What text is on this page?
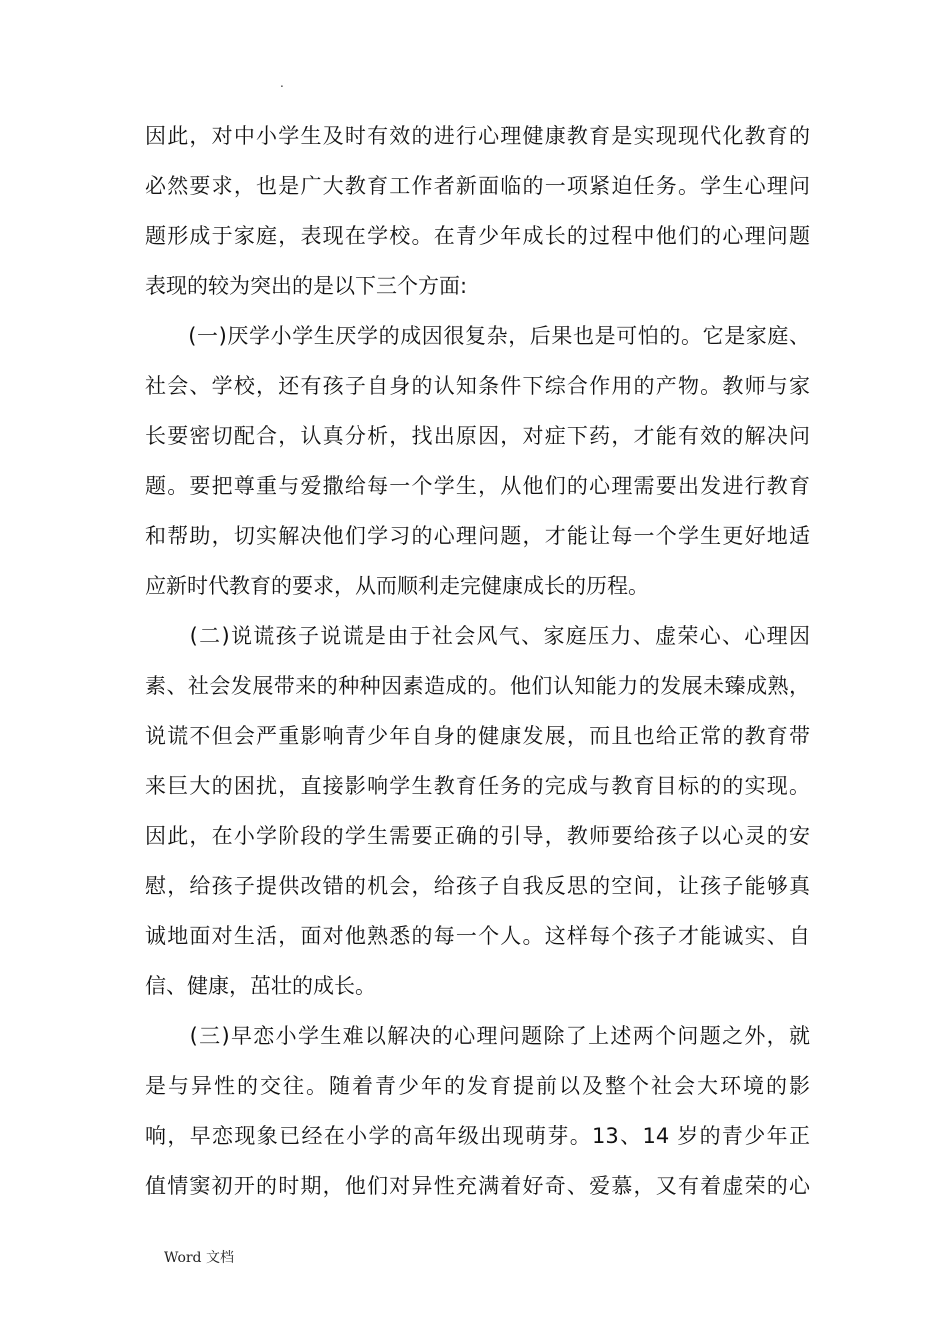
.
因此，对中小学生及时有效的进行心理健康教育是实现现代化教育的
必然要求，也是广大教育工作者新面临的一项紧迫任务。学生心理问
题形成于家庭，表现在学校。在青少年成长的过程中他们的心理问题
表现的较为突出的是以下三个方面:
　　(一)厌学小学生厌学的成因很复杂，后果也是可怕的。它是家庭、
社会、学校，还有孩子自身的认知条件下综合作用的产物。教师与家
长要密切配合，认真分析，找出原因，对症下药，才能有效的解决问
题。要把尊重与爱撒给每一个学生，从他们的心理需要出发进行教育
和帮助，切实解决他们学习的心理问题，才能让每一个学生更好地适
应新时代教育的要求，从而顺利走完健康成长的历程。
　　(二)说谎孩子说谎是由于社会风气、家庭压力、虚荣心、心理因
素、社会发展带来的种种因素造成的。他们认知能力的发展未臻成熟，
说谎不但会严重影响青少年自身的健康发展，而且也给正常的教育带
来巨大的困扰，直接影响学生教育任务的完成与教育目标的的实现。
因此，在小学阶段的学生需要正确的引导，教师要给孩子以心灵的安
慰，给孩子提供改错的机会，给孩子自我反思的空间，让孩子能够真
诚地面对生活，面对他熟悉的每一个人。这样每个孩子才能诚实、自
信、健康，茁壮的成长。
　　(三)早恋小学生难以解决的心理问题除了上述两个问题之外，就
是与异性的交往。随着青少年的发育提前以及整个社会大环境的影
响，早恋现象已经在小学的高年级出现萌芽。13、14 岁的青少年正
值情窦初开的时期，他们对异性充满着好奇、爱慕，又有着虚荣的心
Word 文档
